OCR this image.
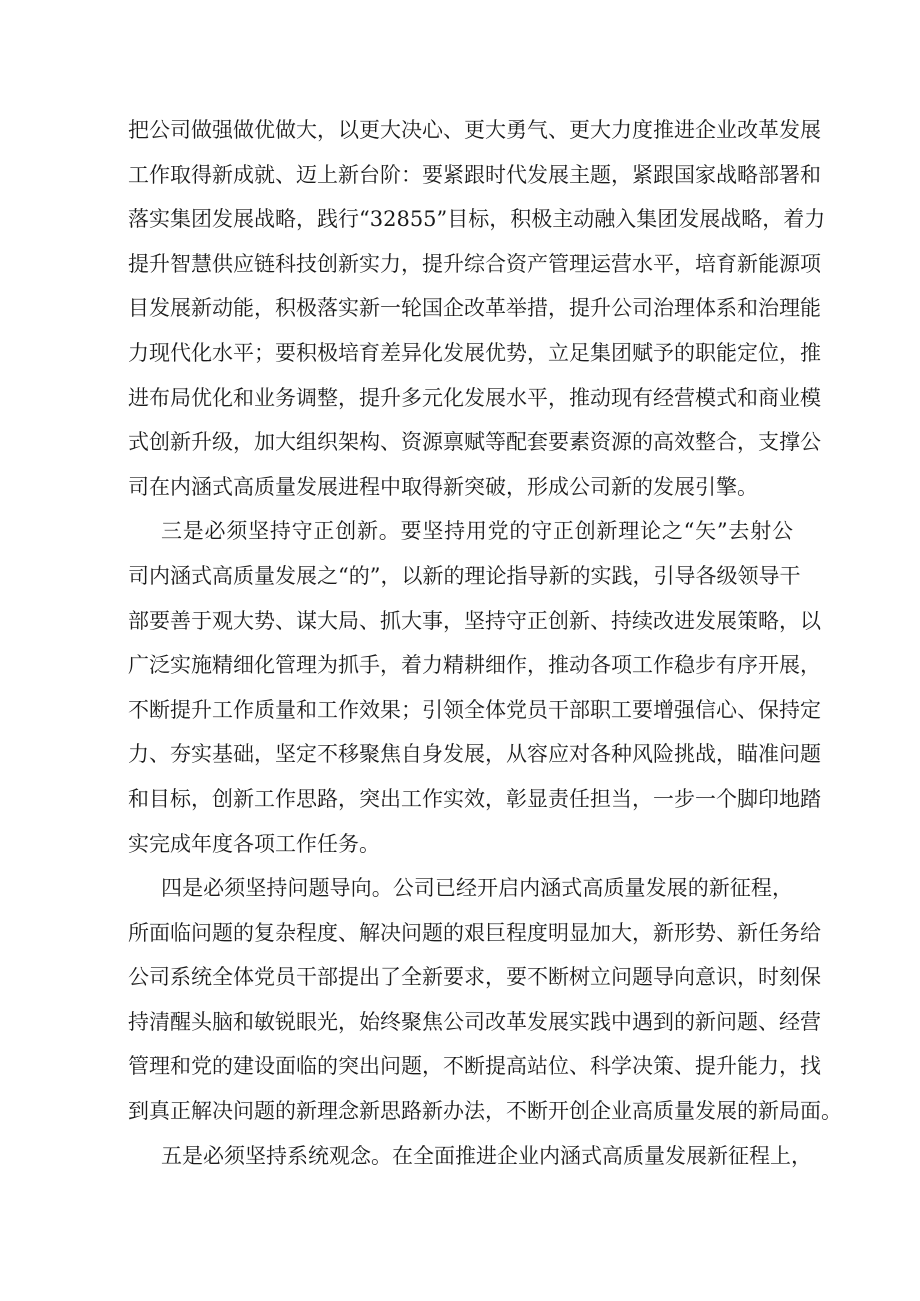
把公司做强做优做大，以更大决心、更大勇气、更大力度推进企业改革发展
工作取得新成就、迈上新台阶：要紧跟时代发展主题，紧跟国家战略部署和
落实集团发展战略，践行“32855”目标，积极主动融入集团发展战略，着力
提升智慧供应链科技创新实力，提升综合资产管理运营水平，培育新能源项
目发展新动能，积极落实新一轮国企改革举措，提升公司治理体系和治理能
力现代化水平；要积极培育差异化发展优势，立足集团赋予的职能定位，推
进布局优化和业务调整，提升多元化发展水平，推动现有经营模式和商业模
式创新升级，加大组织架构、资源禀赋等配套要素资源的高效整合，支撑公
司在内涵式高质量发展进程中取得新突破，形成公司新的发展引擎。
三是必须坚持守正创新。要坚持用党的守正创新理论之“矢”去射公
司内涵式高质量发展之“的”，以新的理论指导新的实践，引导各级领导干
部要善于观大势、谋大局、抓大事，坚持守正创新、持续改进发展策略，以
广泛实施精细化管理为抓手，着力精耕细作，推动各项工作稳步有序开展，
不断提升工作质量和工作效果；引领全体党员干部职工要增强信心、保持定
力、夯实基础，坚定不移聚焦自身发展，从容应对各种风险挑战，瞄准问题
和目标，创新工作思路，突出工作实效，彰显责任担当，一步一个脚印地踏
实完成年度各项工作任务。
四是必须坚持问题导向。公司已经开启内涵式高质量发展的新征程，
所面临问题的复杂程度、解决问题的艰巨程度明显加大，新形势、新任务给
公司系统全体党员干部提出了全新要求，要不断树立问题导向意识，时刻保
持清醒头脑和敏锐眼光，始终聚焦公司改革发展实践中遇到的新问题、经营
管理和党的建设面临的突出问题，不断提高站位、科学决策、提升能力，找
到真正解决问题的新理念新思路新办法，不断开创企业高质量发展的新局面。
五是必须坚持系统观念。在全面推进企业内涵式高质量发展新征程上，
